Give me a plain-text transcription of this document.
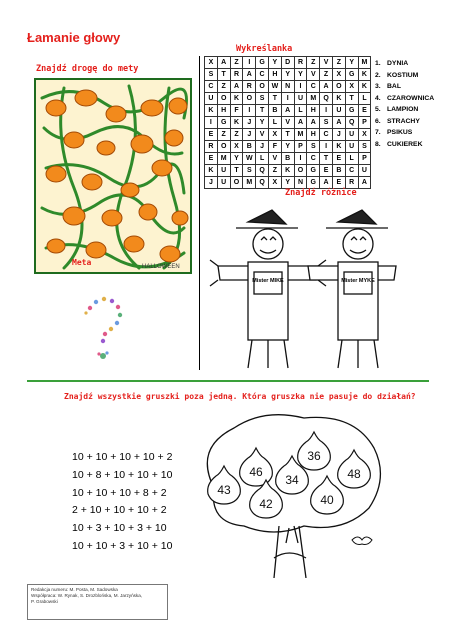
Łamanie głowy
Znajdź drogę do mety
HALLOWEEN
Meta
Wykreślanka
X	A	Z	I	G	Y	D	R	Z	V	Z	Y	M
S	T	R	A	C	H	Y	Y	V	Z	X	G	K
C	Z	A	R	O	W	N	I	C	A	O	X	K
U	O	K	O	S	T	I	U	M	Q	K	T	L
K	H	F	I	T	B	A	L	H	I	U	G	E
I	G	K	J	Y	L	V	A	A	S	A	Q	P
E	Z	Z	J	V	X	T	M	H	C	J	U	X
R	O	X	B	J	F	Y	P	S	I	K	U	S
E	M	Y	W	L	V	B	I	C	T	E	L	P
K	U	T	S	Q	Z	K	O	G	E	B	C	U
J	U	O	M	Q	X	Y	N	G	A	E	R	A
1. DYNIA
2. KOSTIUM
3. BAL
4. CZAROWNICA
5. LAMPION
6. STRACHY
7. PSIKUS
8. CUKIEREK
Znajdź różnice
Mister MIKE	Mister MYKE
Znajdź wszystkie gruszki poza jedną. Która gruszka nie pasuje do działań?
10 + 10 + 10 + 10 + 2
10 + 8 + 10 + 10 + 10
10 + 10 + 10 + 8 + 2
2 + 10 + 10 + 10 + 2
10 + 3 + 10 + 3 + 10
10 + 10 + 3 + 10 + 10
46
36
34	48
43
42	40
Redakcja numeru: M. Posta, M. Sadowska
Współpraca: W. Rynak, S. Drozblońska, M. Jarzyńska,
P. Grabowski
